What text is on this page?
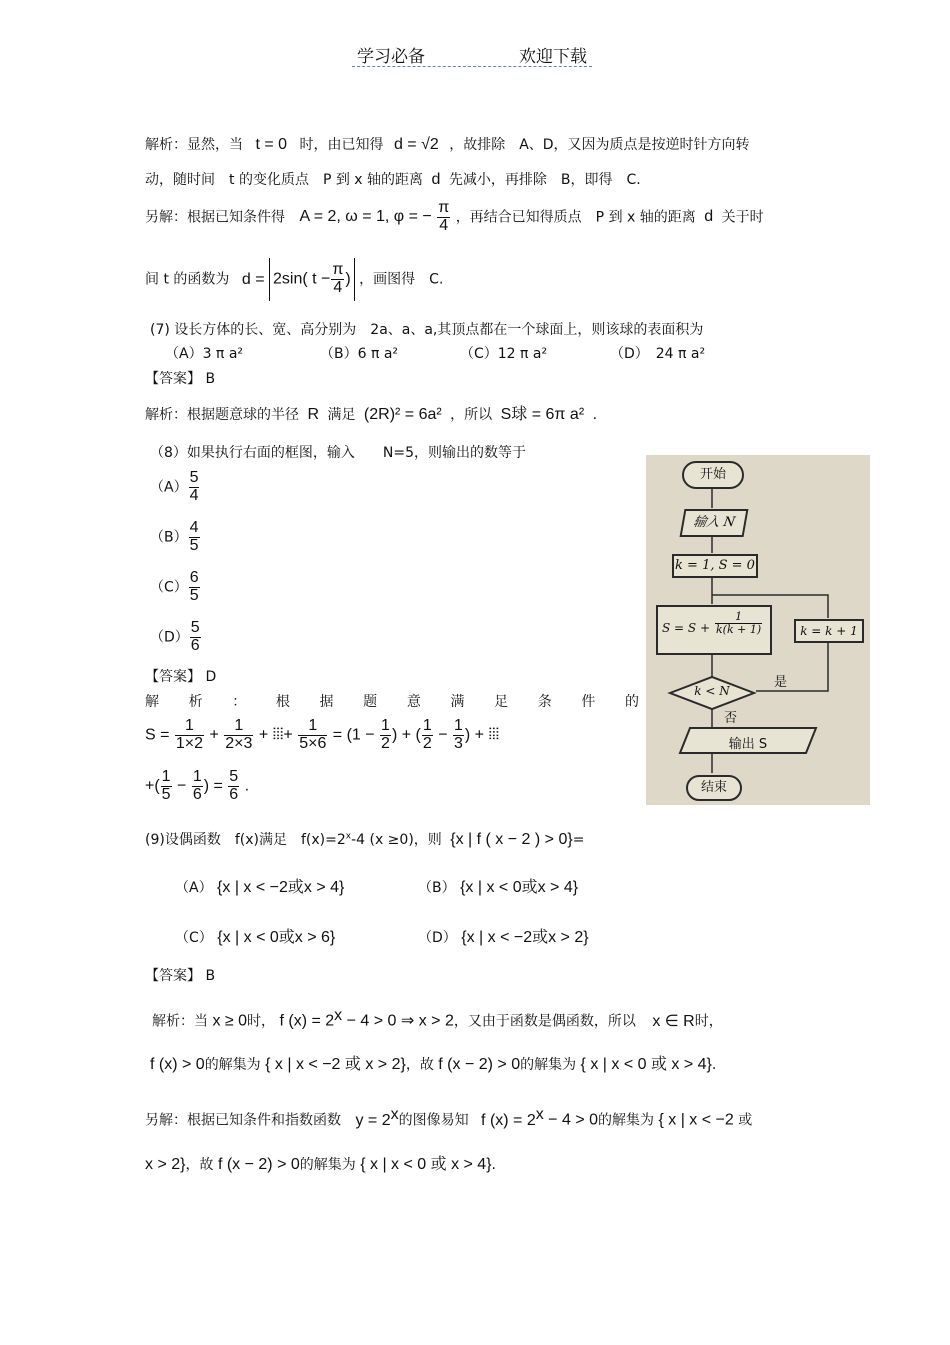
学习必备	欢迎下载
解析：显然，当 t = 0 时，由已知得 d = √2 ，故排除　A、D，又因为质点是按逆时针方向转
动，随时间　t 的变化质点　P 到 x 轴的距离 d 先减小，再排除　B，即得　C.
另解：根据已知条件得 A = 2, ω = 1, φ = − $\frac{\pi}{4}$ ，再结合已知得质点　P 到 x 轴的距离 d 关于时
间 t 的函数为 d = 2sin( $t - \frac{\pi}{4}$ ) ，画图得　C.
(7) 设长方体的长、宽、高分别为　2a、a、a,其顶点都在一个球面上，则该球的表面积为
（A）3 π a²	（B）6 π a²	（C）12 π a²	（D）　24 π a²
【答案】 B
解析：根据题意球的半径 R 满足 (2R)² = 6a² ，所以 S球 = 6π a² .
（8）如果执行右面的框图，输入　　N=5，则输出的数等于
$(A) \frac{5}{4}$
$(B) \frac{4}{5}$
$(C) \frac{6}{5}$
$(D) \frac{5}{6}$
【答案】 D
解 析 ： 根 据 题 意 满 足 条 件 的
$S = \frac{1}{1\times 2} + \frac{1}{2\times 3}$ + ⦙⦙⦙+ $\frac{1}{5\times 6} = (1 - \frac{1}{2}$ ) + ( $\frac{1}{2} - \frac{1}{3}$ ) + ⦙⦙⦙
+( $\frac{1}{5} - \frac{1}{6}$ ) = $\frac{5}{6}$ .
开始
输入 N
k = 1, S = 0
$S = S + \frac{1}{k(k + 1)}$	k = k + 1
k < N
是
否
输出 S
结束
(9)设偶函数　f(x)满足　$f(x)=2^x-4$ (x ≥0)，则 {x | f ( x − 2 ) > 0}=
（A） {x | x < −2或x > 4}	（B） {x | x < 0或x > 4}
（C） {x | x < 0或x > 6}	（D） {x | x < −2或x > 2}
【答案】 B
解析：当 x ≥ 0时， f $(x) = 2^x - 4 > 0$ ⇒ x > 2，又由于函数是偶函数，所以 x ∈ R时，
f (x) > 0的解集为 { x | x < −2 或 x > 2}，故 f (x − 2) > 0的解集为 { x | x < 0 或 x > 4}.
另解：根据已知条件和指数函数 $y = 2^x$的图像易知 f $(x) = 2^x - 4 > 0$的解集为 { x | x < −2 或
x > 2}，故 f (x − 2) > 0的解集为 { x | x < 0 或 x > 4}.
